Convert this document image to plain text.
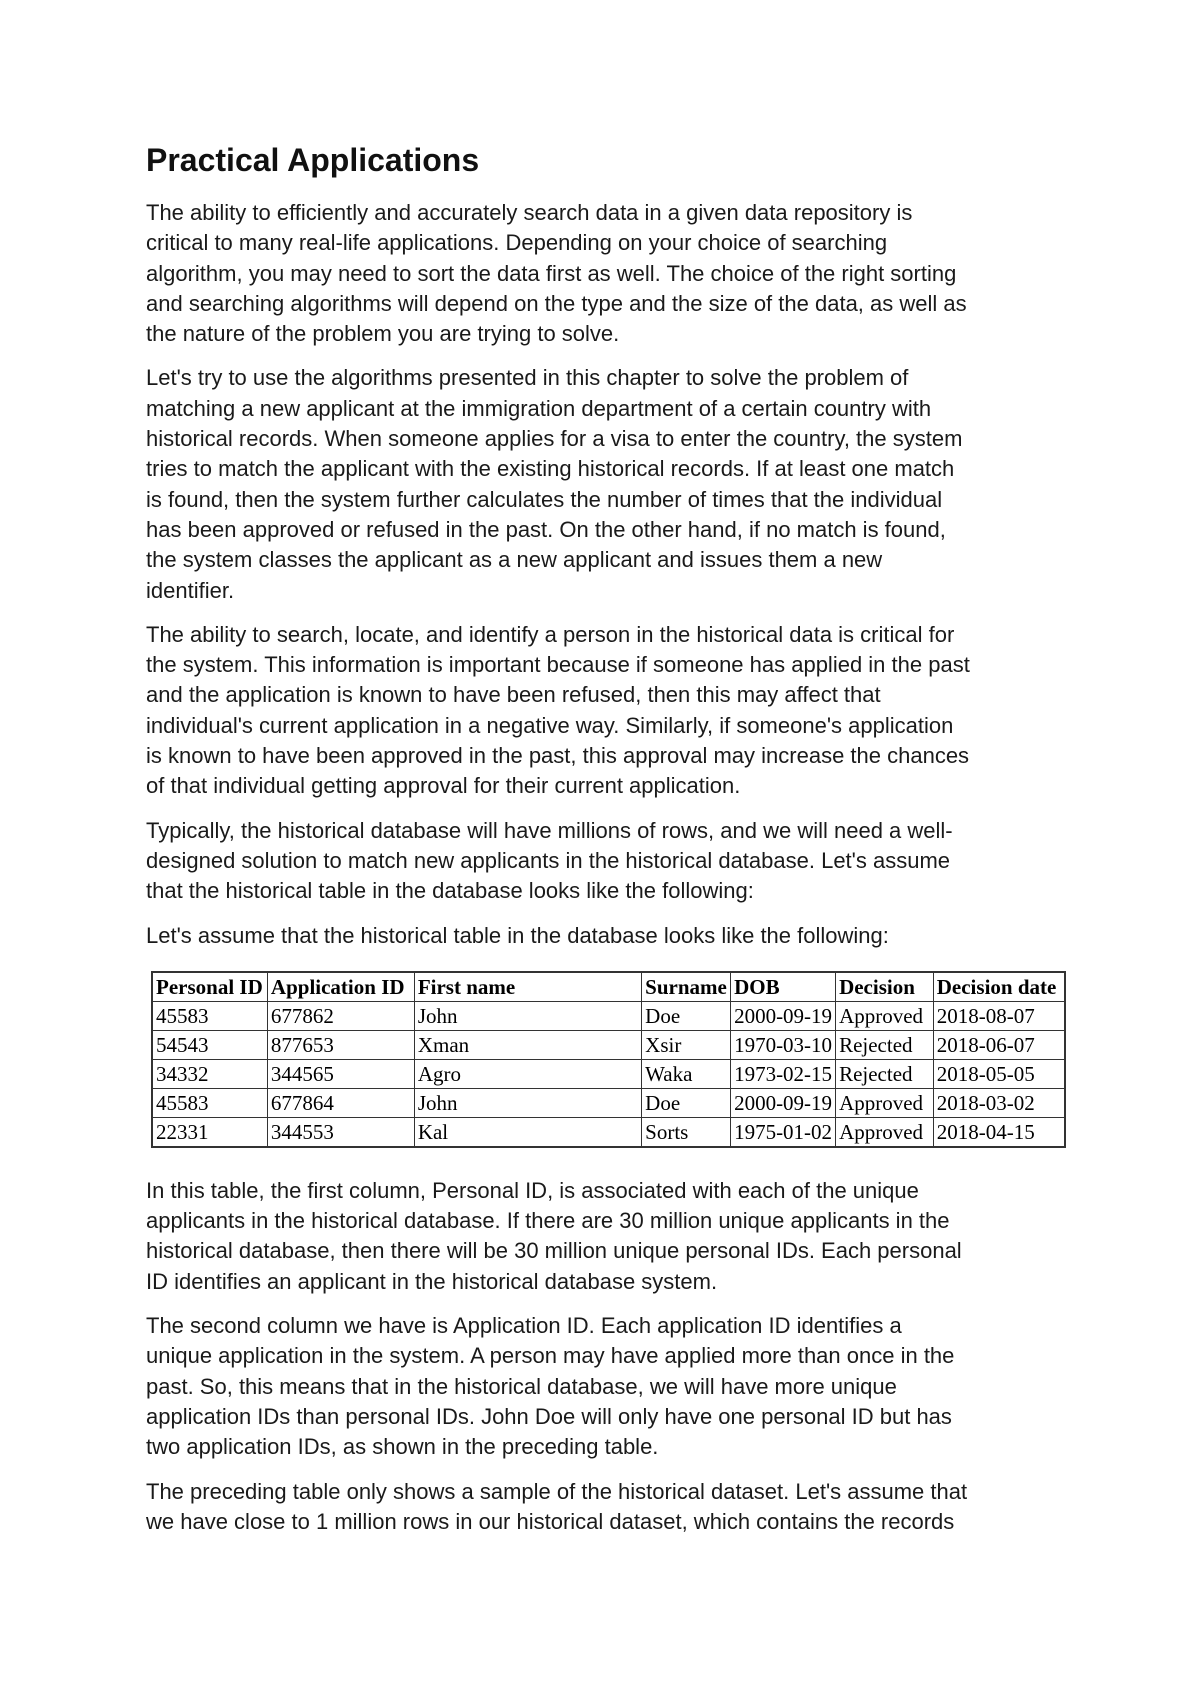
Practical Applications

The ability to efficiently and accurately search data in a given data repository is
critical to many real-life applications. Depending on your choice of searching
algorithm, you may need to sort the data first as well. The choice of the right sorting
and searching algorithms will depend on the type and the size of the data, as well as
the nature of the problem you are trying to solve.

Let's try to use the algorithms presented in this chapter to solve the problem of
matching a new applicant at the immigration department of a certain country with
historical records. When someone applies for a visa to enter the country, the system
tries to match the applicant with the existing historical records. If at least one match
is found, then the system further calculates the number of times that the individual
has been approved or refused in the past. On the other hand, if no match is found,
the system classes the applicant as a new applicant and issues them a new
identifier.

The ability to search, locate, and identify a person in the historical data is critical for
the system. This information is important because if someone has applied in the past
and the application is known to have been refused, then this may affect that
individual's current application in a negative way. Similarly, if someone's application
is known to have been approved in the past, this approval may increase the chances
of that individual getting approval for their current application.

Typically, the historical database will have millions of rows, and we will need a well-
designed solution to match new applicants in the historical database. Let's assume
that the historical table in the database looks like the following:

Let's assume that the historical table in the database looks like the following:

Personal ID	Application ID	First name	Surname	DOB	Decision	Decision date
45583	677862	John	Doe	2000-09-19	Approved	2018-08-07
54543	877653	Xman	Xsir	1970-03-10	Rejected	2018-06-07
34332	344565	Agro	Waka	1973-02-15	Rejected	2018-05-05
45583	677864	John	Doe	2000-09-19	Approved	2018-03-02
22331	344553	Kal	Sorts	1975-01-02	Approved	2018-04-15

In this table, the first column, Personal ID, is associated with each of the unique
applicants in the historical database. If there are 30 million unique applicants in the
historical database, then there will be 30 million unique personal IDs. Each personal
ID identifies an applicant in the historical database system.

The second column we have is Application ID. Each application ID identifies a
unique application in the system. A person may have applied more than once in the
past. So, this means that in the historical database, we will have more unique
application IDs than personal IDs. John Doe will only have one personal ID but has
two application IDs, as shown in the preceding table.

The preceding table only shows a sample of the historical dataset. Let's assume that
we have close to 1 million rows in our historical dataset, which contains the records
